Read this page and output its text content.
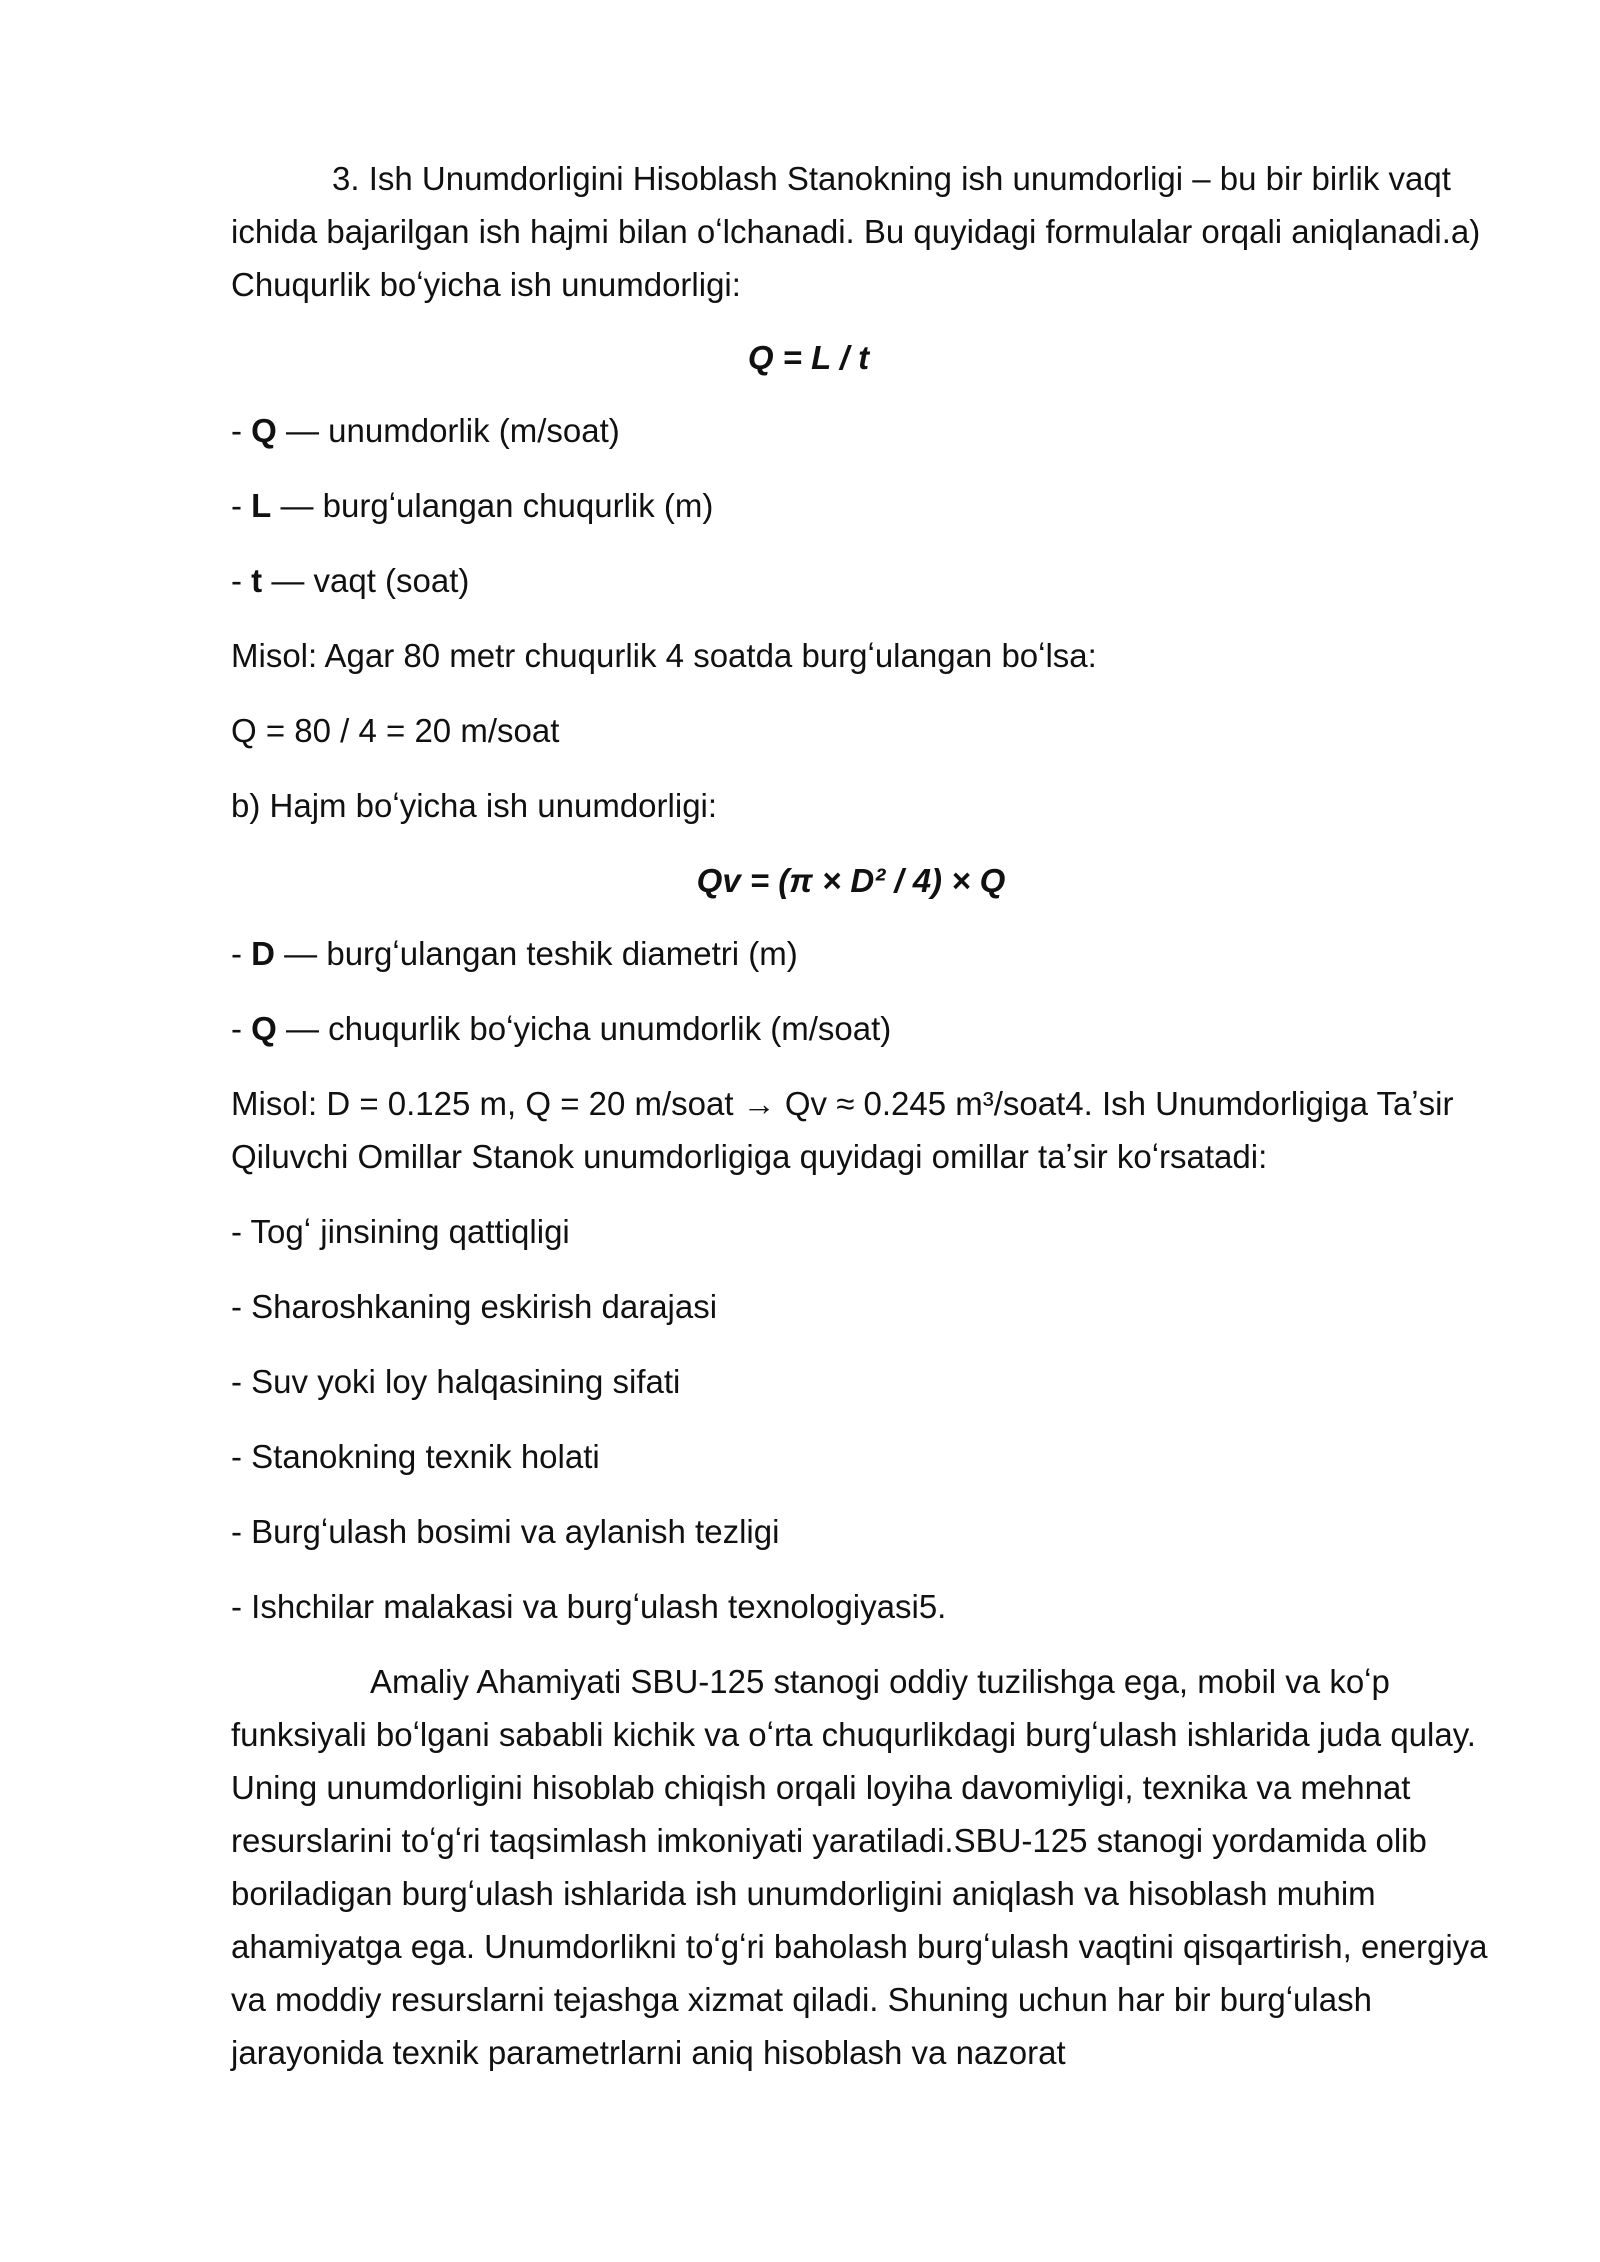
3. Ish Unumdorligini Hisoblash Stanokning ish unumdorligi – bu bir birlik vaqt ichida bajarilgan ish hajmi bilan oʻlchanadi. Bu quyidagi formulalar orqali aniqlanadi.a) Chuqurlik boʻyicha ish unumdorligi:

Q = L / t
- Q — unumdorlik (m/soat)
- L — burgʻulangan chuqurlik (m)
- t — vaqt (soat)
Misol: Agar 80 metr chuqurlik 4 soatda burgʻulangan boʻlsa:
Q = 80 / 4 = 20 m/soat
b) Hajm boʻyicha ish unumdorligi:
Qv = (π × D² / 4) × Q
- D — burgʻulangan teshik diametri (m)
- Q — chuqurlik boʻyicha unumdorlik (m/soat)

Misol: D = 0.125 m, Q = 20 m/soat → Qv ≈ 0.245 m³/soat4. Ish Unumdorligiga Taʼsir Qiluvchi Omillar Stanok unumdorligiga quyidagi omillar taʼsir koʻrsatadi:

- Togʻ jinsining qattiqligi
- Sharoshkaning eskirish darajasi
- Suv yoki loy halqasining sifati
- Stanokning texnik holati
- Burgʻulash bosimi va aylanish tezligi
- Ishchilar malakasi va burgʻulash texnologiyasi5.

Amaliy Ahamiyati SBU-125 stanogi oddiy tuzilishga ega, mobil va koʻp funksiyali boʻlgani sababli kichik va oʻrta chuqurlikdagi burgʻulash ishlarida juda qulay. Uning unumdorligini hisoblab chiqish orqali loyiha davomiyligi, texnika va mehnat resurslarini toʻgʻri taqsimlash imkoniyati yaratiladi.SBU-125 stanogi yordamida olib boriladigan burgʻulash ishlarida ish unumdorligini aniqlash va hisoblash muhim ahamiyatga ega. Unumdorlikni toʻgʻri baholash burgʻulash vaqtini qisqartirish, energiya va moddiy resurslarni tejashga xizmat qiladi. Shuning uchun har bir burgʻulash jarayonida texnik parametrlarni aniq hisoblash va nazorat
